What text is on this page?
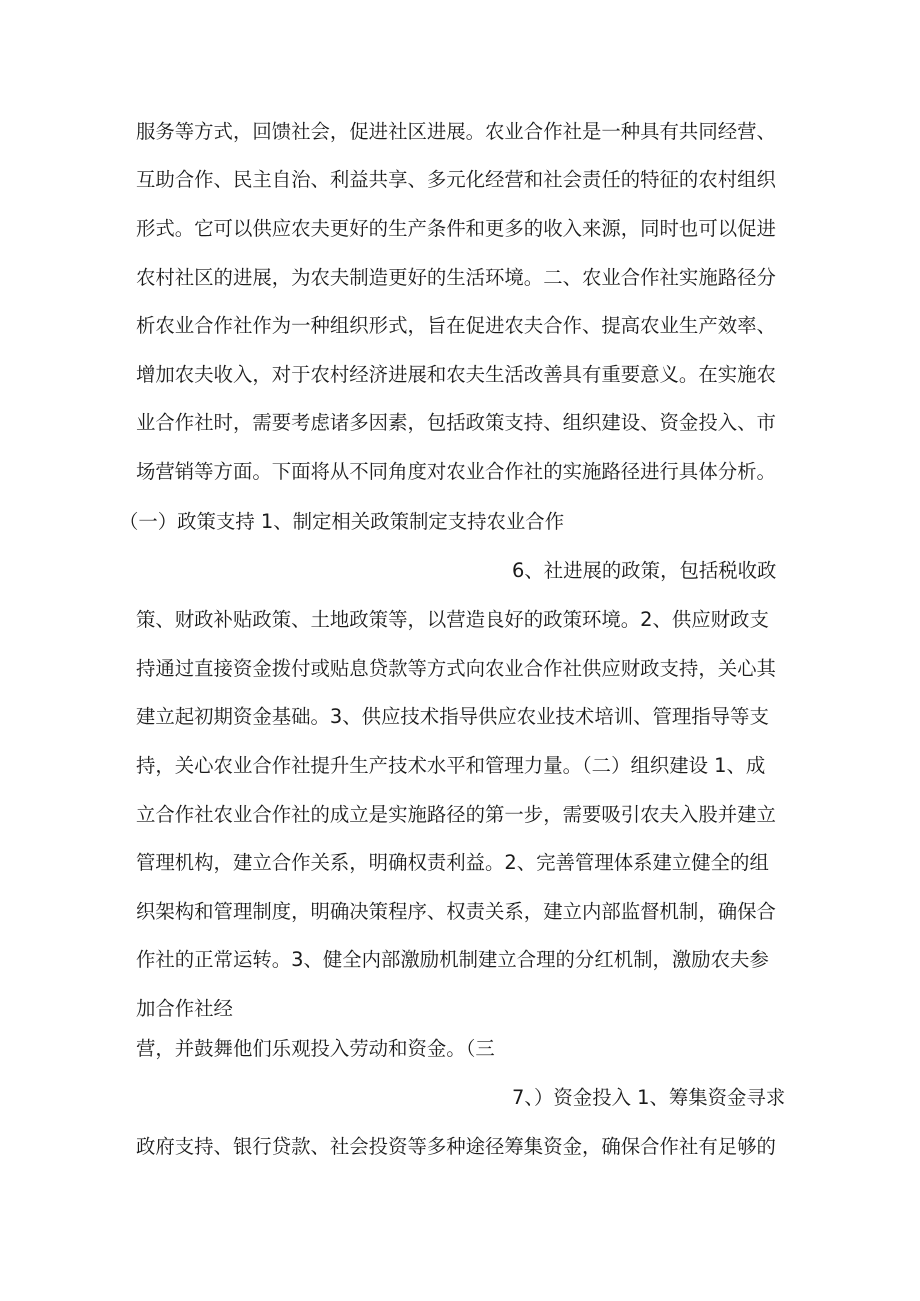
服务等方式，回馈社会，促进社区进展。农业合作社是一种具有共同经营、
互助合作、民主自治、利益共享、多元化经营和社会责任的特征的农村组织
形式。它可以供应农夫更好的生产条件和更多的收入来源，同时也可以促进
农村社区的进展，为农夫制造更好的生活环境。二、农业合作社实施路径分
析农业合作社作为一种组织形式，旨在促进农夫合作、提高农业生产效率、
增加农夫收入，对于农村经济进展和农夫生活改善具有重要意义。在实施农
业合作社时，需要考虑诸多因素，包括政策支持、组织建设、资金投入、市
场营销等方面。下面将从不同角度对农业合作社的实施路径进行具体分析。
（一）政策支持 1、制定相关政策制定支持农业合作
6、社进展的政策，包括税收政
策、财政补贴政策、土地政策等，以营造良好的政策环境。2、供应财政支
持通过直接资金拨付或贴息贷款等方式向农业合作社供应财政支持，关心其
建立起初期资金基础。3、供应技术指导供应农业技术培训、管理指导等支
持，关心农业合作社提升生产技术水平和管理力量。（二）组织建设 1、成
立合作社农业合作社的成立是实施路径的第一步，需要吸引农夫入股并建立
管理机构，建立合作关系，明确权责利益。2、完善管理体系建立健全的组
织架构和管理制度，明确决策程序、权责关系，建立内部监督机制，确保合
作社的正常运转。3、健全内部激励机制建立合理的分红机制，激励农夫参
加合作社经
营，并鼓舞他们乐观投入劳动和资金。（三
7、）资金投入 1、筹集资金寻求
政府支持、银行贷款、社会投资等多种途径筹集资金，确保合作社有足够的
